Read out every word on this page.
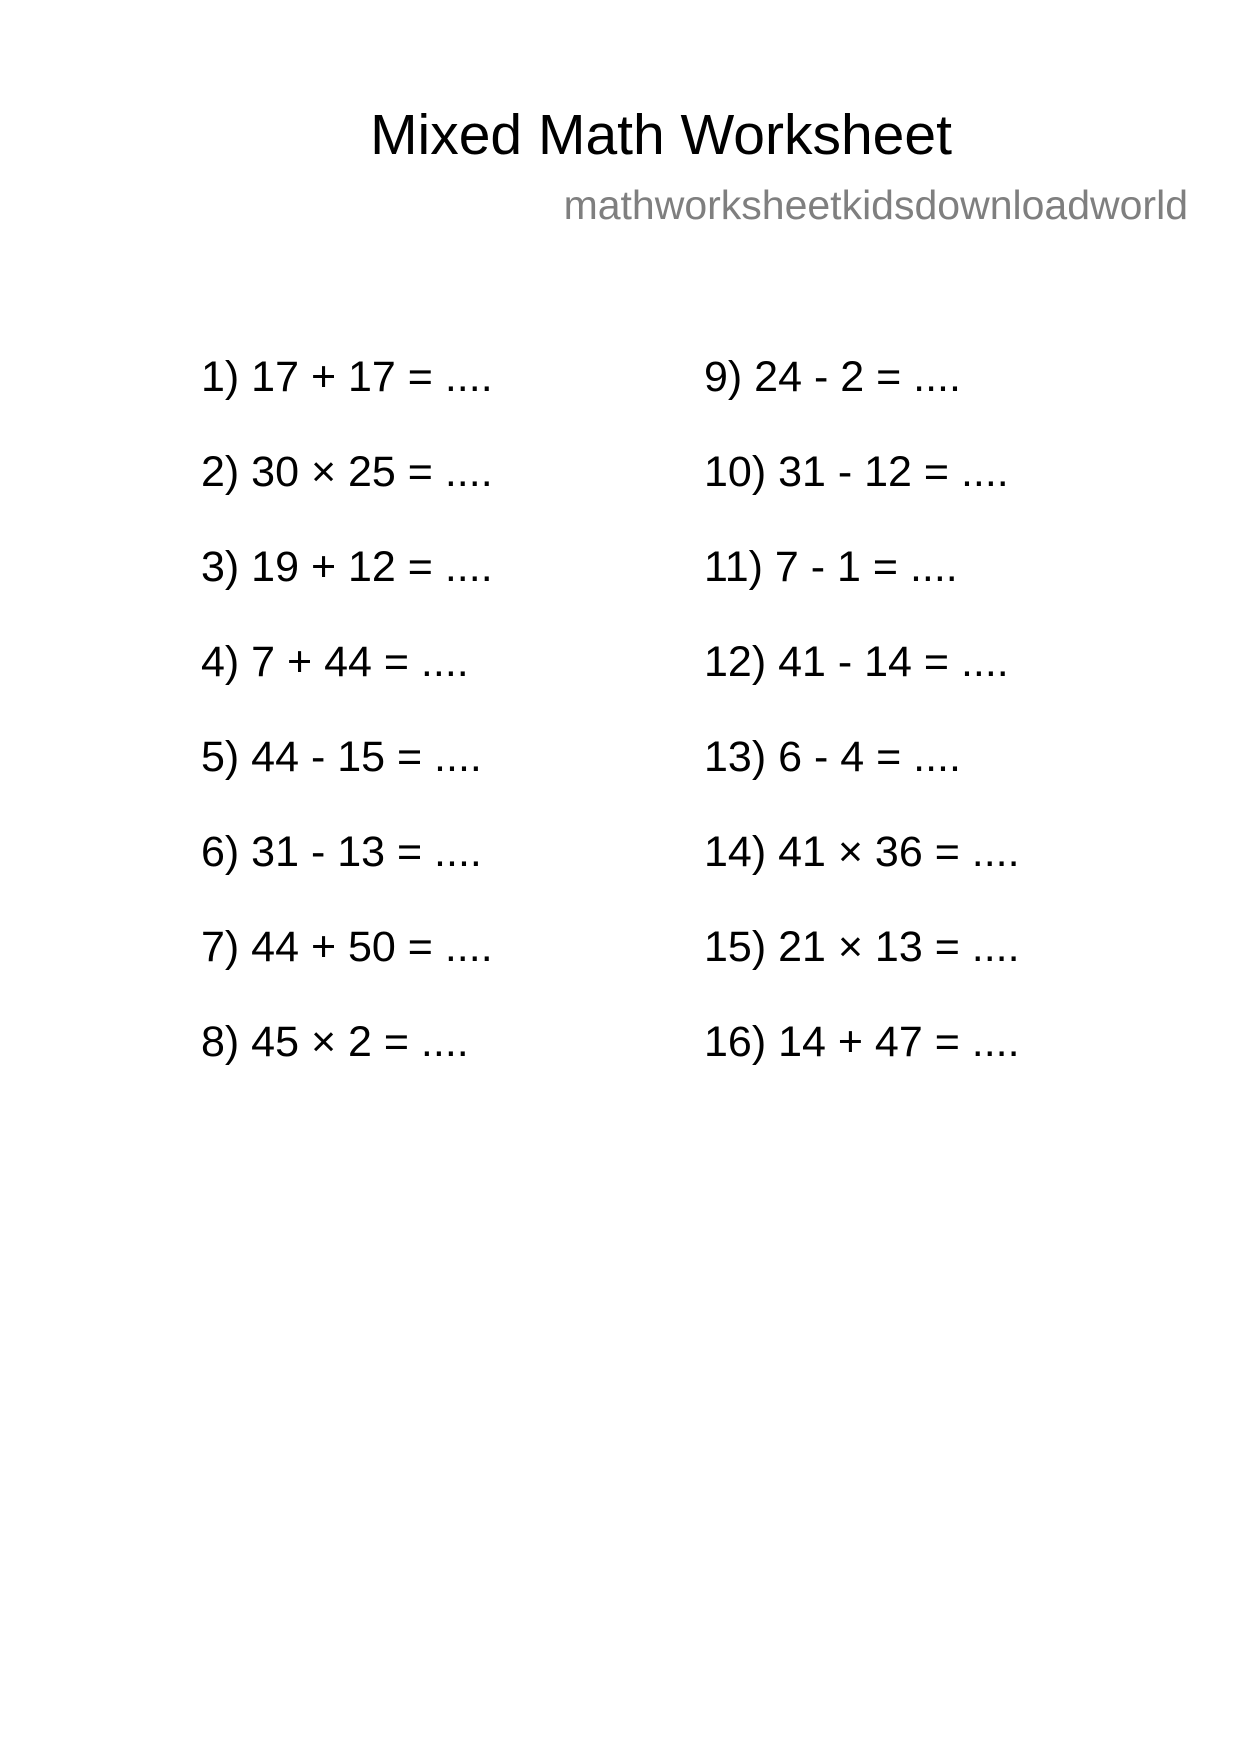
Mixed Math Worksheet
mathworksheetkidsdownloadworld
1) 17 + 17 = ....
2) 30 × 25 = ....
3) 19 + 12 = ....
4) 7 + 44 = ....
5) 44 - 15 = ....
6) 31 - 13 = ....
7) 44 + 50 = ....
8) 45 × 2 = ....
9) 24 - 2 = ....
10) 31 - 12 = ....
11) 7 - 1 = ....
12) 41 - 14 = ....
13) 6 - 4 = ....
14) 41 × 36 = ....
15) 21 × 13 = ....
16) 14 + 47 = ....
